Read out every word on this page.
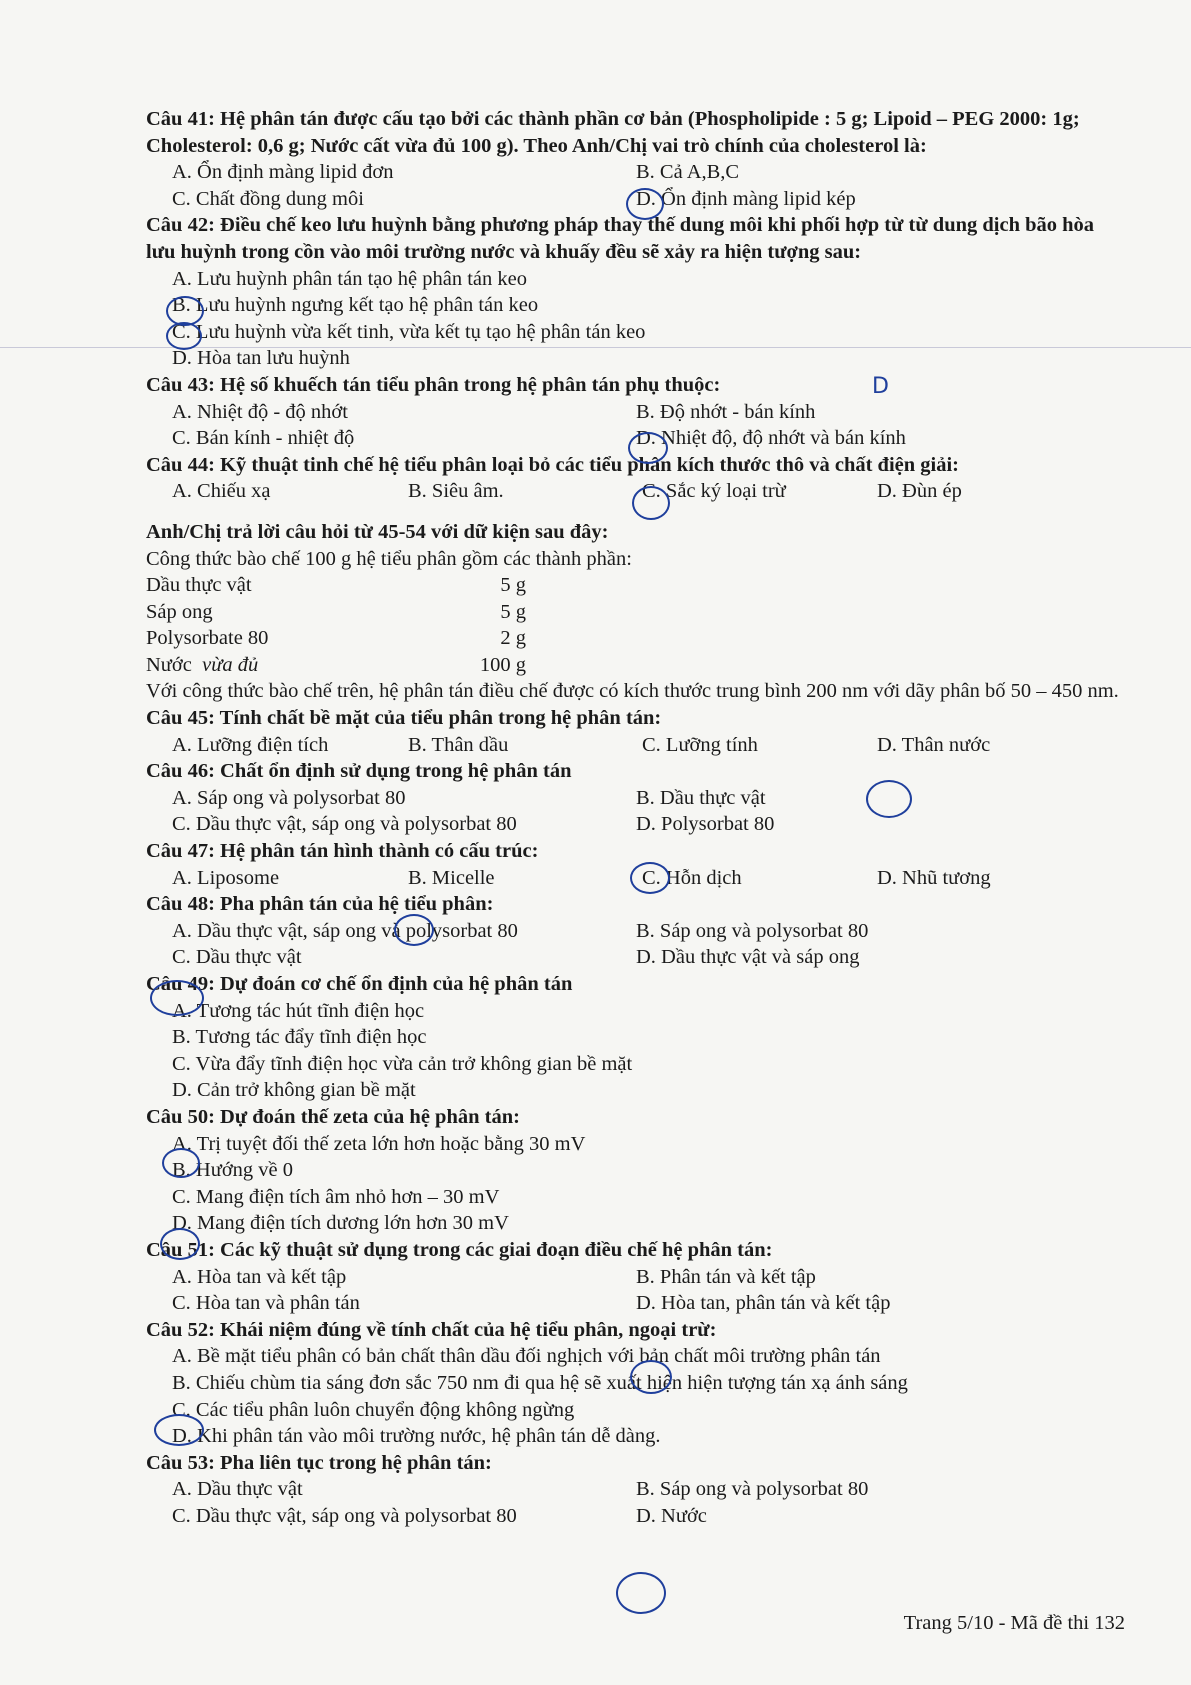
Câu 41: Hệ phân tán được cấu tạo bởi các thành phần cơ bản (Phospholipide : 5 g; Lipoid – PEG 2000: 1g; Cholesterol: 0,6 g; Nước cất vừa đủ 100 g). Theo Anh/Chị vai trò chính của cholesterol là:
A. Ổn định màng lipid đơn	B. Cả A,B,C
C. Chất đồng dung môi	D. Ổn định màng lipid kép
Câu 42: Điều chế keo lưu huỳnh bằng phương pháp thay thế dung môi khi phối hợp từ từ dung dịch bão hòa lưu huỳnh trong cồn vào môi trường nước và khuấy đều sẽ xảy ra hiện tượng sau:
A. Lưu huỳnh phân tán tạo hệ phân tán keo
B. Lưu huỳnh ngưng kết tạo hệ phân tán keo
C. Lưu huỳnh vừa kết tinh, vừa kết tụ tạo hệ phân tán keo
D. Hòa tan lưu huỳnh
Câu 43: Hệ số khuếch tán tiểu phân trong hệ phân tán phụ thuộc:
A. Nhiệt độ - độ nhớt	B. Độ nhớt - bán kính
C. Bán kính - nhiệt độ	D. Nhiệt độ, độ nhớt và bán kính
Câu 44: Kỹ thuật tinh chế hệ tiểu phân loại bỏ các tiểu phân kích thước thô và chất điện giải:
A. Chiếu xạ	B. Siêu âm.	C. Sắc ký loại trừ	D. Đùn ép
Anh/Chị trả lời câu hỏi từ 45-54 với dữ kiện sau đây:
Công thức bào chế 100 g hệ tiểu phân gồm các thành phần:
Dầu thực vật	5 g
Sáp ong	5 g
Polysorbate 80	2 g
Nước vừa đủ	100 g
Với công thức bào chế trên, hệ phân tán điều chế được có kích thước trung bình 200 nm với dãy phân bố 50 – 450 nm.
Câu 45: Tính chất bề mặt của tiểu phân trong hệ phân tán:
A. Lưỡng điện tích	B. Thân dầu	C. Lưỡng tính	D. Thân nước
Câu 46: Chất ổn định sử dụng trong hệ phân tán
A. Sáp ong và polysorbat 80	B. Dầu thực vật
C. Dầu thực vật, sáp ong và polysorbat 80	D. Polysorbat 80
Câu 47: Hệ phân tán hình thành có cấu trúc:
A. Liposome	B. Micelle	C. Hỗn dịch	D. Nhũ tương
Câu 48: Pha phân tán của hệ tiểu phân:
A. Dầu thực vật, sáp ong và polysorbat 80	B. Sáp ong và polysorbat 80
C. Dầu thực vật	D. Dầu thực vật và sáp ong
Câu 49: Dự đoán cơ chế ổn định của hệ phân tán
A. Tương tác hút tĩnh điện học
B. Tương tác đẩy tĩnh điện học
C. Vừa đẩy tĩnh điện học vừa cản trở không gian bề mặt
D. Cản trở không gian bề mặt
Câu 50: Dự đoán thế zeta của hệ phân tán:
A. Trị tuyệt đối thế zeta lớn hơn hoặc bằng 30 mV
B. Hướng về 0
C. Mang điện tích âm nhỏ hơn – 30 mV
D. Mang điện tích dương lớn hơn 30 mV
Câu 51: Các kỹ thuật sử dụng trong các giai đoạn điều chế hệ phân tán:
A. Hòa tan và kết tập	B. Phân tán và kết tập
C. Hòa tan và phân tán	D. Hòa tan, phân tán và kết tập
Câu 52: Khái niệm đúng về tính chất của hệ tiểu phân, ngoại trừ:
A. Bề mặt tiểu phân có bản chất thân dầu đối nghịch với bản chất môi trường phân tán
B. Chiếu chùm tia sáng đơn sắc 750 nm đi qua hệ sẽ xuất hiện hiện tượng tán xạ ánh sáng
C. Các tiểu phân luôn chuyển động không ngừng
D. Khi phân tán vào môi trường nước, hệ phân tán dễ dàng.
Câu 53: Pha liên tục trong hệ phân tán:
A. Dầu thực vật	B. Sáp ong và polysorbat 80
C. Dầu thực vật, sáp ong và polysorbat 80	D. Nước
D
Trang 5/10 - Mã đề thi 132
